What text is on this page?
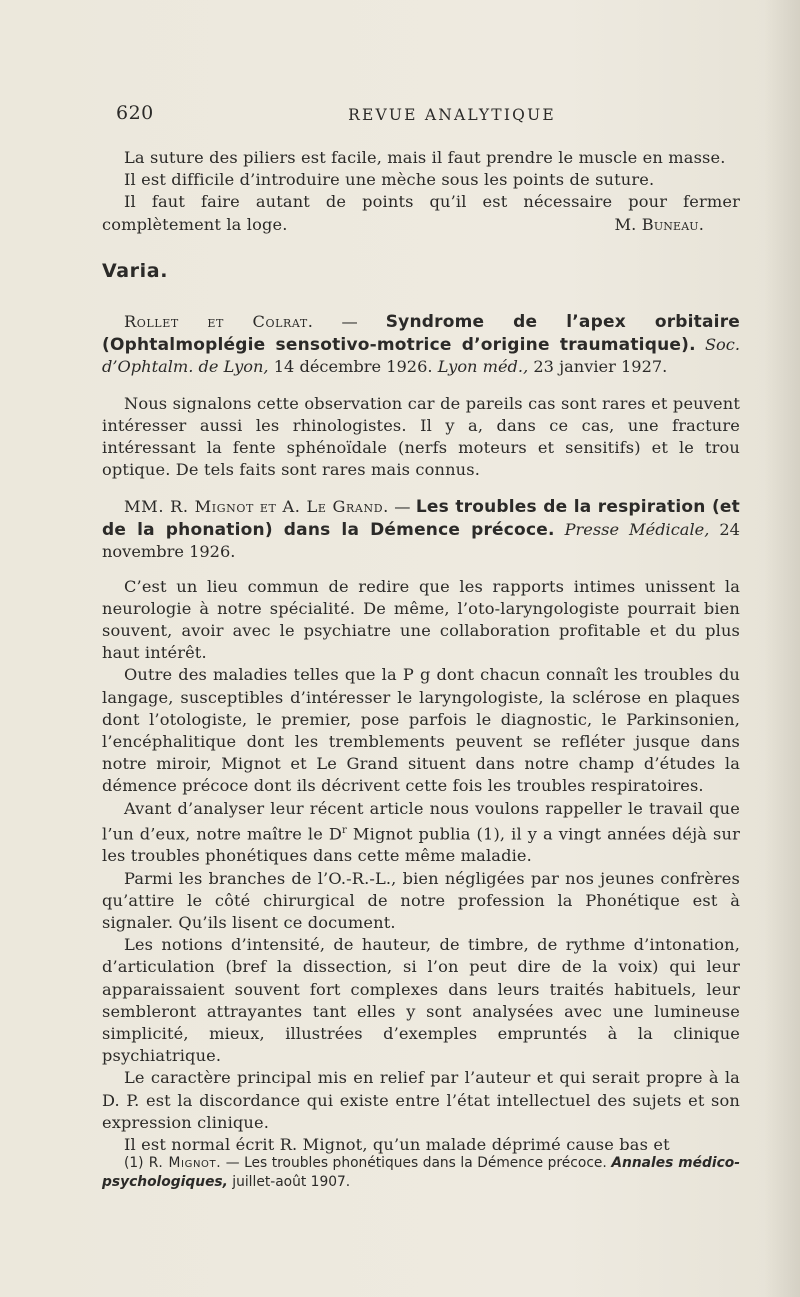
620	REVUE ANALYTIQUE

La suture des piliers est facile, mais il faut prendre le muscle en masse.

Il est difficile d’introduire une mèche sous les points de suture.

Il faut faire autant de points qu’il est nécessaire pour fermer complètement la loge.	M. Buneau.
Varia.

Rollet et Colrat. — Syndrome de l’apex orbitaire (Ophtalmoplégie sensotivo-motrice d’origine traumatique). Soc. d’Ophtalm. de Lyon, 14 décembre 1926. Lyon méd., 23 janvier 1927.

Nous signalons cette observation car de pareils cas sont rares et peuvent intéresser aussi les rhinologistes. Il y a, dans ce cas, une fracture intéressant la fente sphénoïdale (nerfs moteurs et sensitifs) et le trou optique. De tels faits sont rares mais connus.

MM. R. Mignot et A. Le Grand. — Les troubles de la respiration (et de la phonation) dans la Démence précoce. Presse Médicale, 24 novembre 1926.

C’est un lieu commun de redire que les rapports intimes unissent la neurologie à notre spécialité. De même, l’oto-laryngologiste pourrait bien souvent, avoir avec le psychiatre une collaboration profitable et du plus haut intérêt.

Outre des maladies telles que la P g dont chacun connaît les troubles du langage, susceptibles d’intéresser le laryngologiste, la sclérose en plaques dont l’otologiste, le premier, pose parfois le diagnostic, le Parkinsonien, l’encéphalitique dont les tremblements peuvent se refléter jusque dans notre miroir, Mignot et Le Grand situent dans notre champ d’études la démence précoce dont ils décrivent cette fois les troubles respiratoires.

Avant d’analyser leur récent article nous voulons rappeller le travail que l’un d’eux, notre maître le $D^r$ Mignot publia (1), il y a vingt années déjà sur les troubles phonétiques dans cette même maladie.

Parmi les branches de l’O.-R.-L., bien négligées par nos jeunes confrères qu’attire le côté chirurgical de notre profession la Phonétique est à signaler. Qu’ils lisent ce document.

Les notions d’intensité, de hauteur, de timbre, de rythme d’intonation, d’articulation (bref la dissection, si l’on peut dire de la voix) qui leur apparaissaient souvent fort complexes dans leurs traités habituels, leur sembleront attrayantes tant elles y sont analysées avec une lumineuse simplicité, mieux, illustrées d’exemples empruntés à la clinique psychiatrique.

Le caractère principal mis en relief par l’auteur et qui serait propre à la D. P. est la discordance qui existe entre l’état intellectuel des sujets et son expression clinique.

Il est normal écrit R. Mignot, qu’un malade déprimé cause bas et

(1) R. Mignot. — Les troubles phonétiques dans la Démence précoce. Annales médico-psychologiques, juillet-août 1907.
